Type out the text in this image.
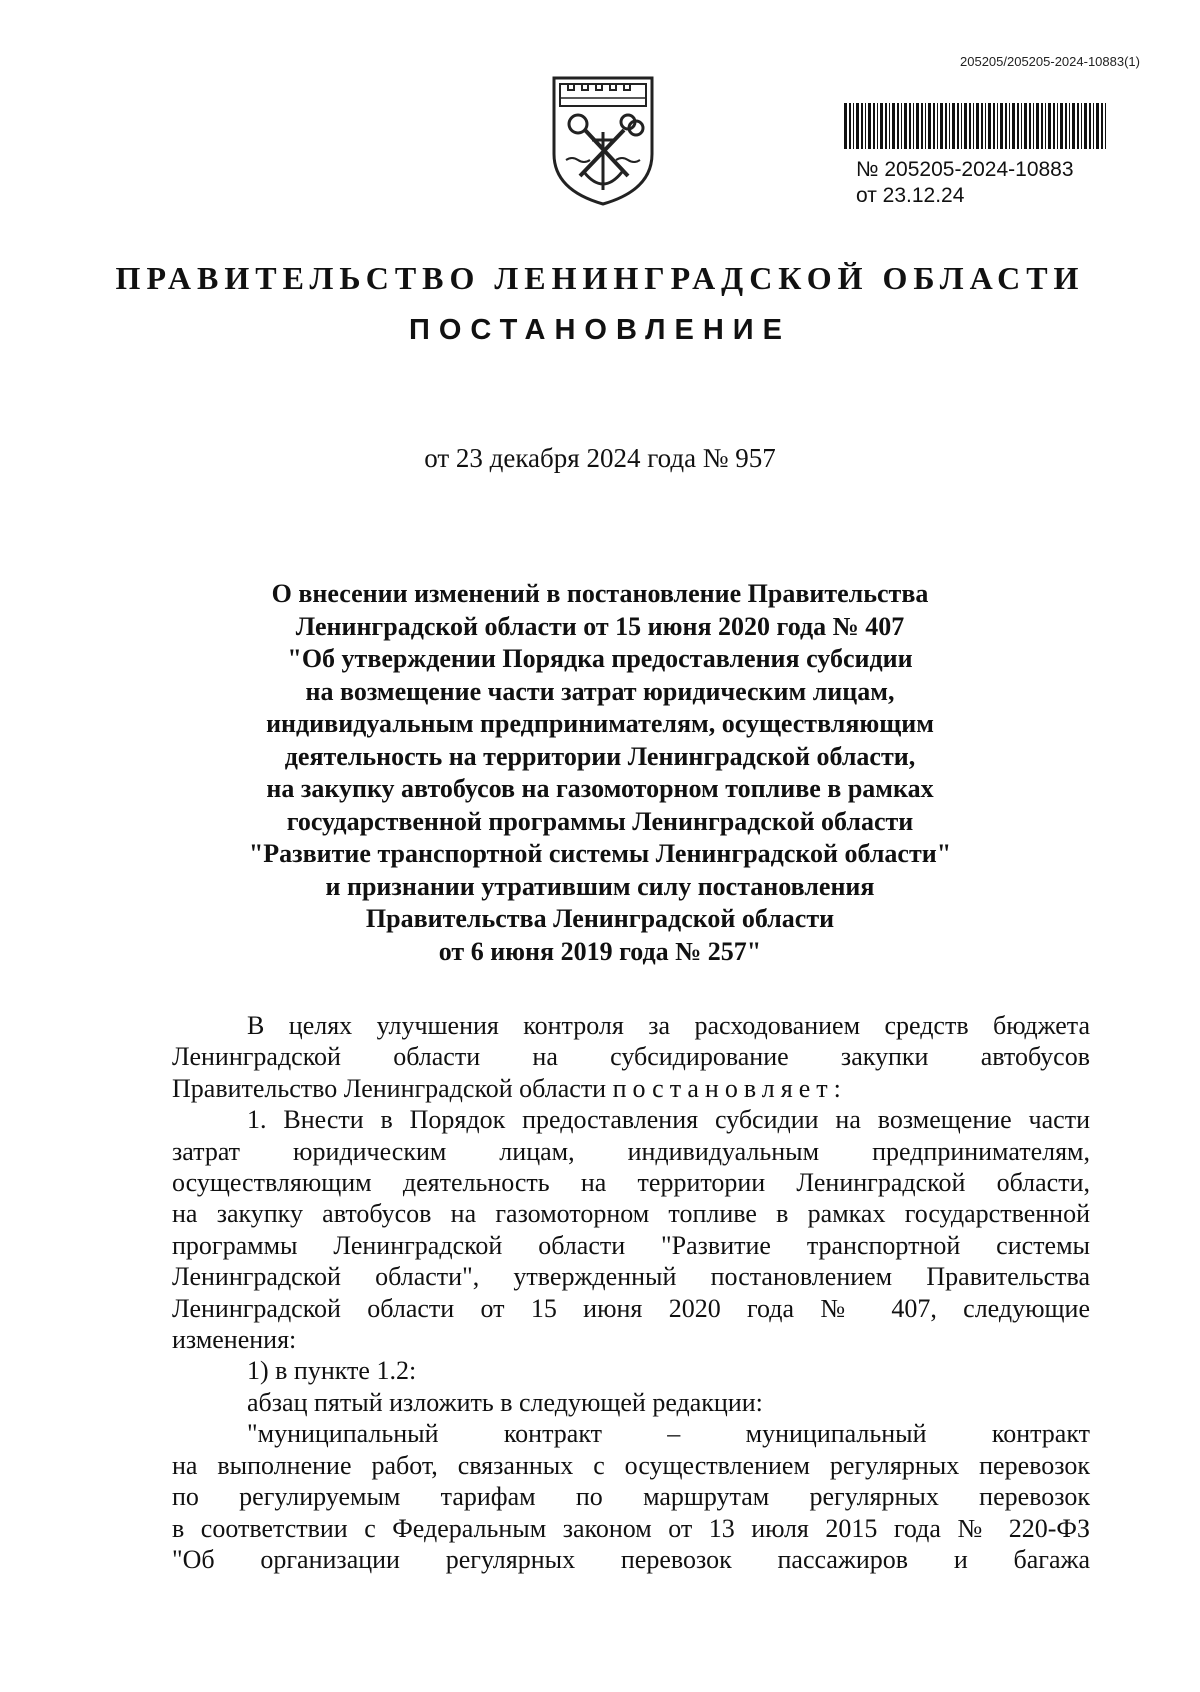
205205/205205-2024-10883(1)
№ 205205-2024-10883
от 23.12.24
ПРАВИТЕЛЬСТВО ЛЕНИНГРАДСКОЙ ОБЛАСТИ
ПОСТАНОВЛЕНИЕ
от 23 декабря 2024 года № 957
О внесении изменений в постановление Правительства
Ленинградской области от 15 июня 2020 года № 407
"Об утверждении Порядка предоставления субсидии
на возмещение части затрат юридическим лицам,
индивидуальным предпринимателям, осуществляющим
деятельность на территории Ленинградской области,
на закупку автобусов на газомоторном топливе в рамках
государственной программы Ленинградской области
"Развитие транспортной системы Ленинградской области"
и признании утратившим силу постановления
Правительства Ленинградской области
от 6 июня 2019 года № 257"

В целях улучшения контроля за расходованием средств бюджета

Ленинградской области на субсидирование закупки автобусов

Правительство Ленинградской области постановляет:

1. Внести в Порядок предоставления субсидии на возмещение части

затрат юридическим лицам, индивидуальным предпринимателям,

осуществляющим деятельность на территории Ленинградской области,

на закупку автобусов на газомоторном топливе в рамках государственной

программы Ленинградской области "Развитие транспортной системы

Ленинградской области", утвержденный постановлением Правительства

Ленинградской области от 15 июня 2020 года № 407, следующие

изменения:

1) в пункте 1.2:

абзац пятый изложить в следующей редакции:

"муниципальный контракт – муниципальный контракт

на выполнение работ, связанных с осуществлением регулярных перевозок

по регулируемым тарифам по маршрутам регулярных перевозок

в соответствии с Федеральным законом от 13 июля 2015 года № 220-ФЗ

"Об организации регулярных перевозок пассажиров и багажа
